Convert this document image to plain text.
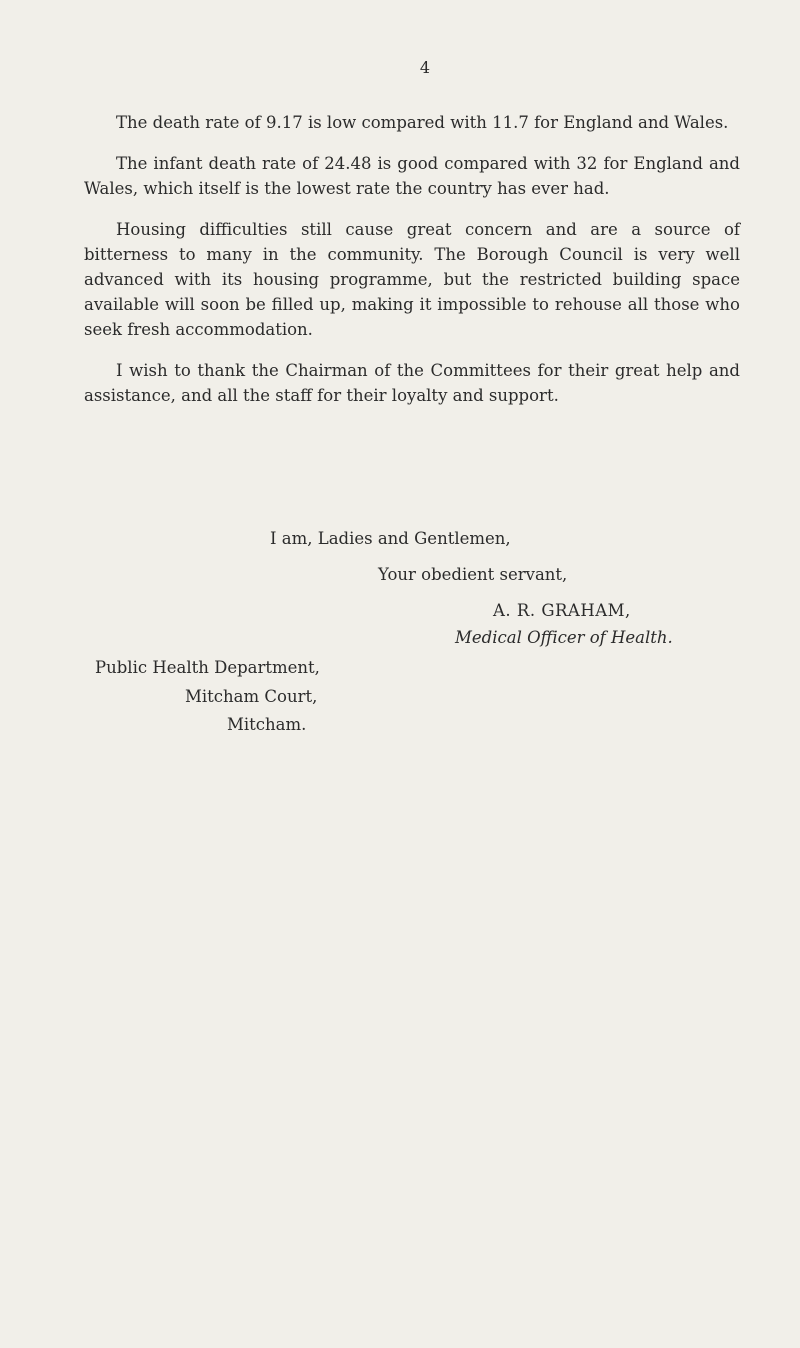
4

The death rate of 9.17 is low compared with 11.7 for England and Wales.

The infant death rate of 24.48 is good compared with 32 for England and Wales, which itself is the lowest rate the country has ever had.

Housing difficulties still cause great concern and are a source of bitterness to many in the community. The Borough Council is very well advanced with its housing programme, but the restricted building space available will soon be filled up, making it impossible to rehouse all those who seek fresh accommodation.

I wish to thank the Chairman of the Committees for their great help and assistance, and all the staff for their loyalty and support.

I am, Ladies and Gentlemen,
Your obedient servant,
A. R. GRAHAM,
Medical Officer of Health.
Public Health Department,
Mitcham Court,
Mitcham.
